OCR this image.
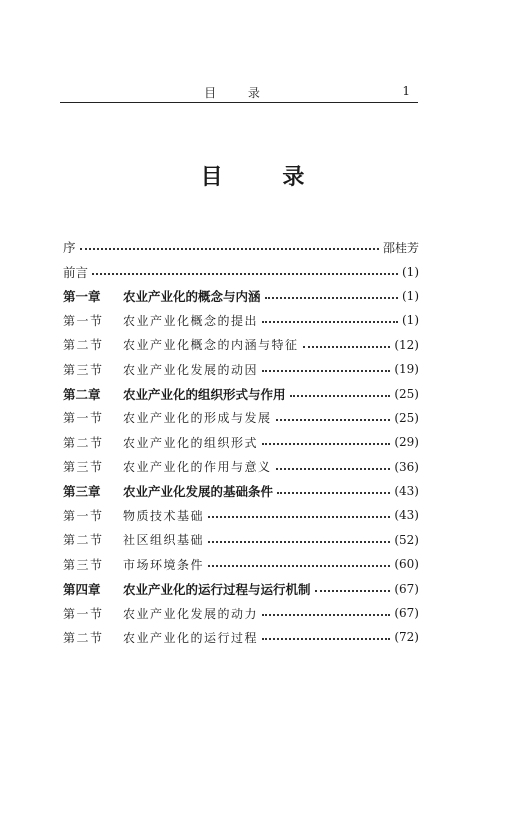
目 录	1
目 录
序	邵桂芳
前言	(1)
第一章	农业产业化的概念与内涵	(1)
第一节	农业产业化概念的提出	(1)
第二节	农业产业化概念的内涵与特征	(12)
第三节	农业产业化发展的动因	(19)
第二章	农业产业化的组织形式与作用	(25)
第一节	农业产业化的形成与发展	(25)
第二节	农业产业化的组织形式	(29)
第三节	农业产业化的作用与意义	(36)
第三章	农业产业化发展的基础条件	(43)
第一节	物质技术基础	(43)
第二节	社区组织基础	(52)
第三节	市场环境条件	(60)
第四章	农业产业化的运行过程与运行机制	(67)
第一节	农业产业化发展的动力	(67)
第二节	农业产业化的运行过程	(72)
